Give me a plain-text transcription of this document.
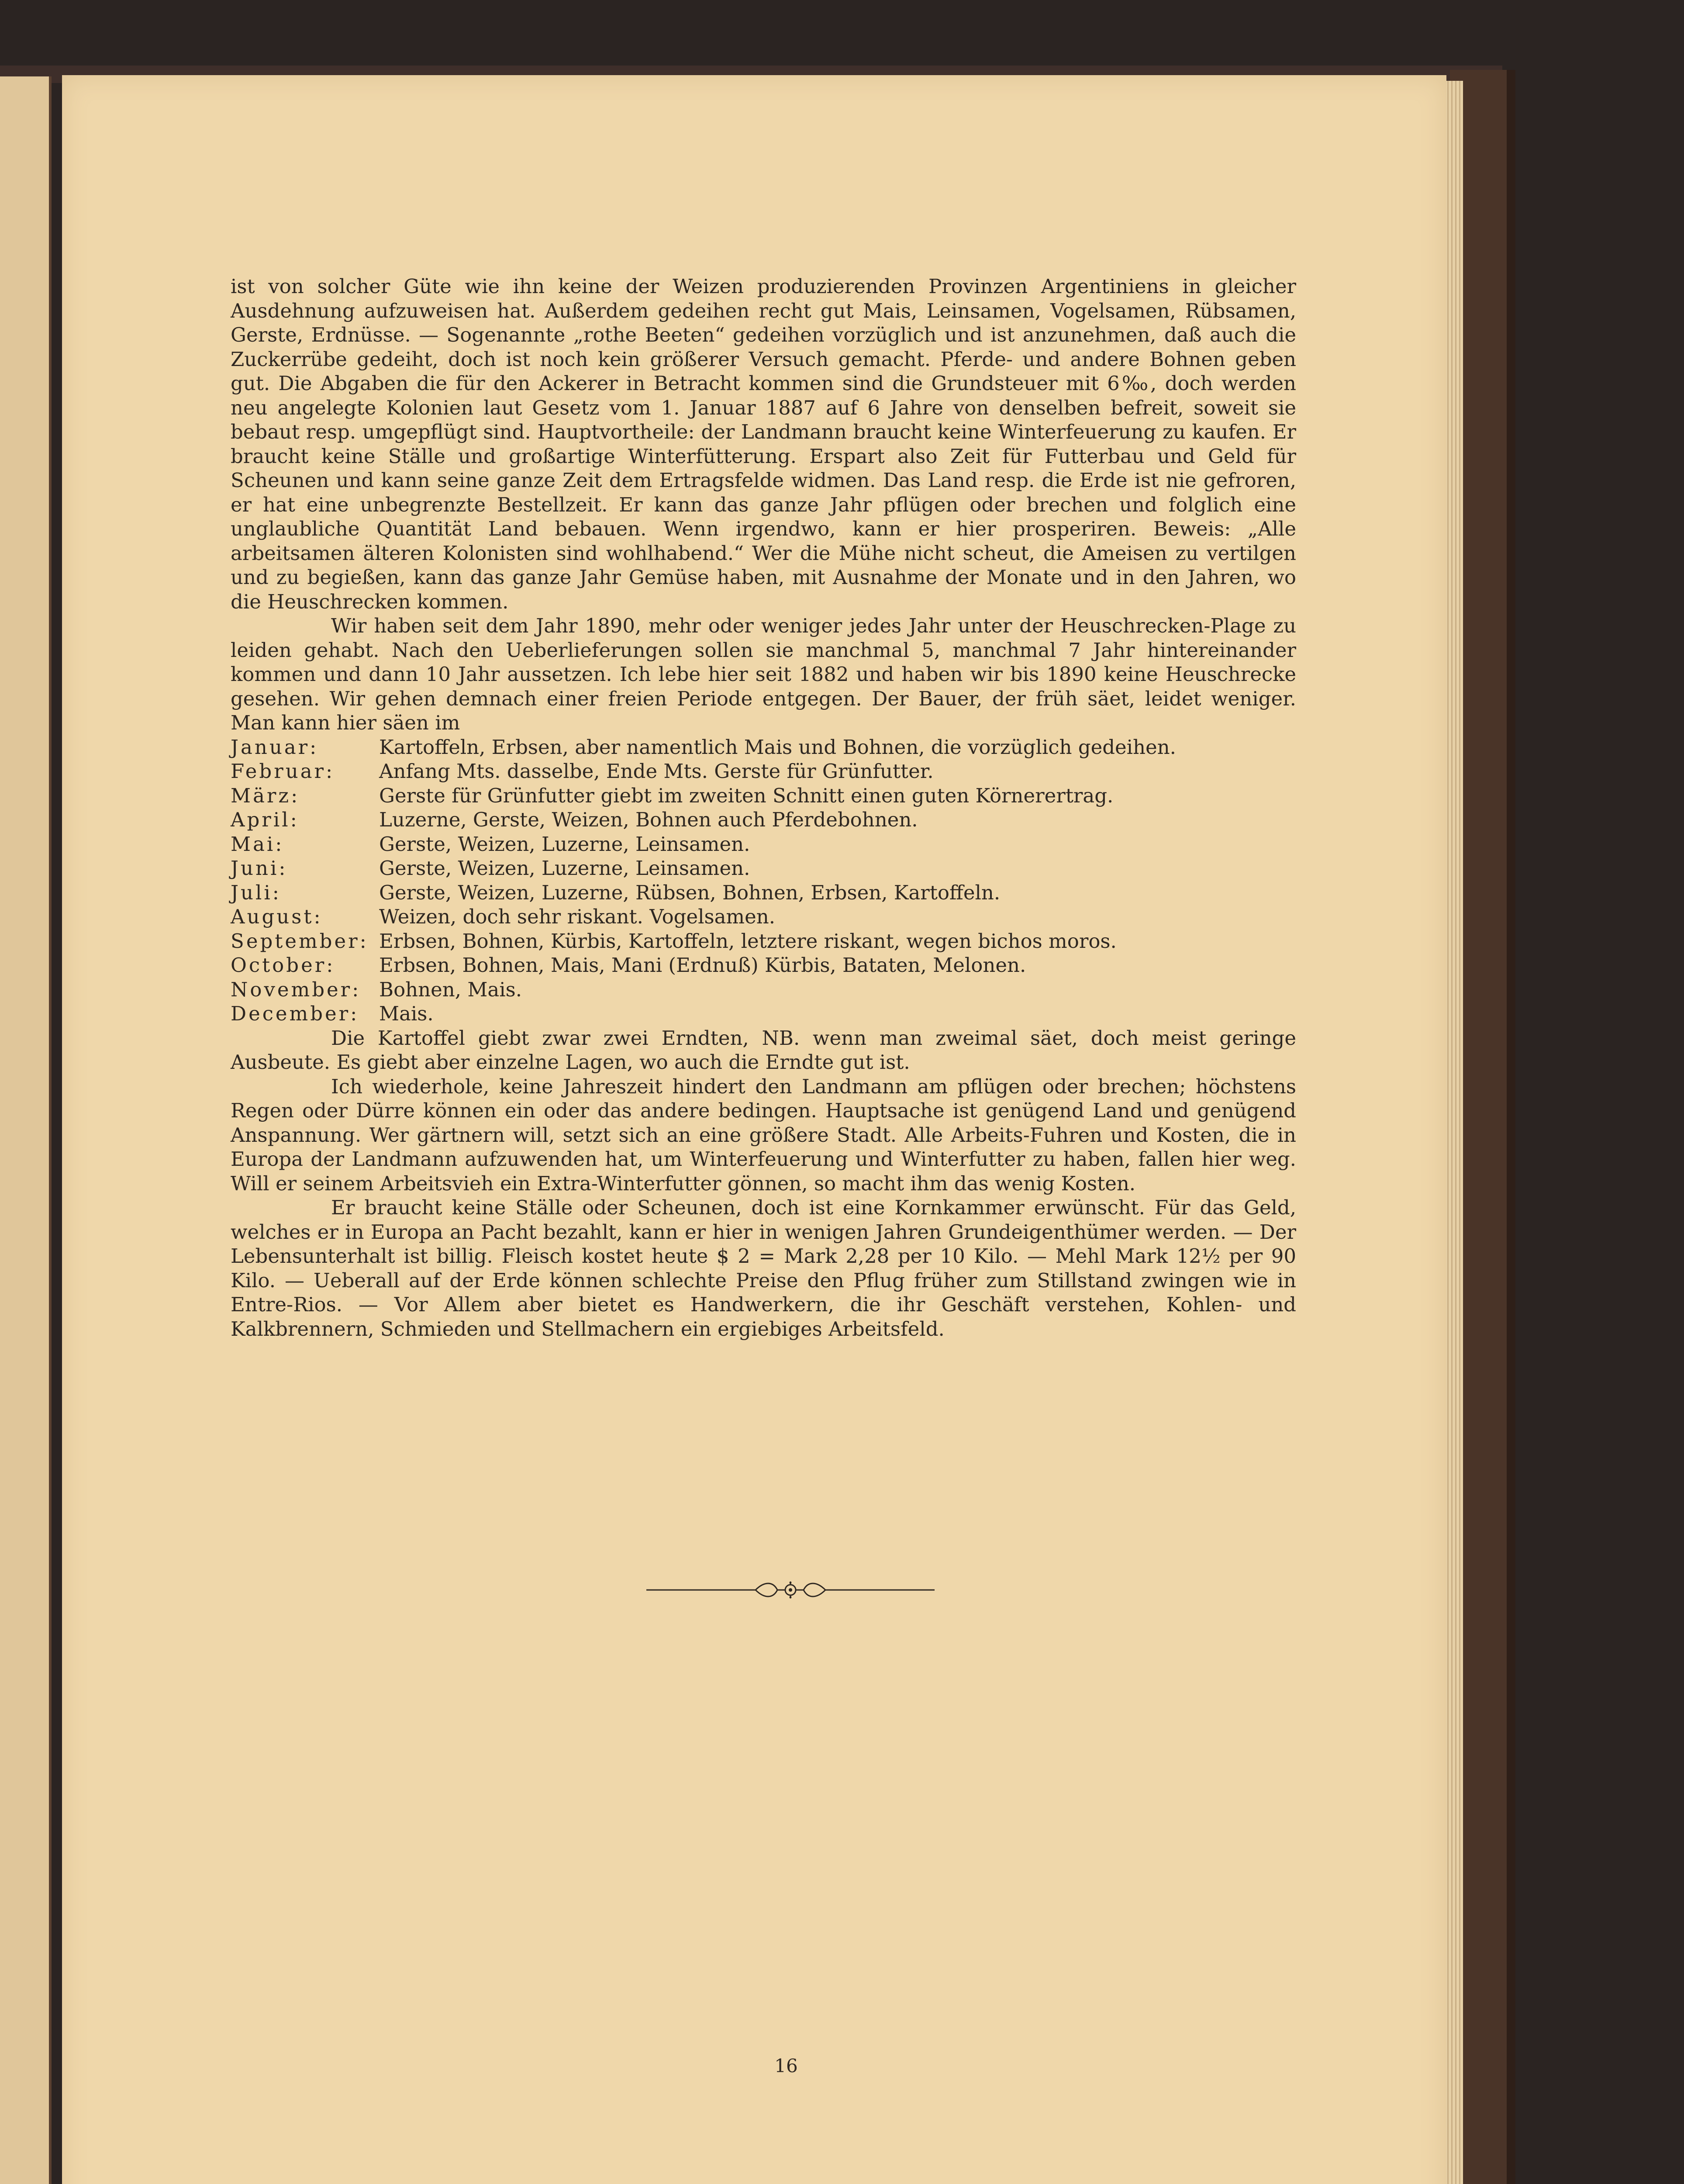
ist von solcher Güte wie ihn keine der Weizen produzierenden Provinzen Argentiniens in gleicher Ausdehnung aufzuweisen hat. Außerdem gedeihen recht gut Mais, Leinsamen, Vogelsamen, Rübsamen, Gerste, Erdnüsse. — Sogenannte „rothe Beeten“ gedeihen vorzüglich und ist anzunehmen, daß auch die Zuckerrübe gedeiht, doch ist noch kein größerer Versuch gemacht. Pferde- und andere Bohnen geben gut. Die Abgaben die für den Ackerer in Betracht kommen sind die Grundsteuer mit 6‰, doch werden neu angelegte Kolonien laut Gesetz vom 1. Januar 1887 auf 6 Jahre von denselben befreit, soweit sie bebaut resp. umgepflügt sind. Hauptvortheile: der Landmann braucht keine Winterfeuerung zu kaufen. Er braucht keine Ställe und großartige Winterfütterung. Erspart also Zeit für Futterbau und Geld für Scheunen und kann seine ganze Zeit dem Ertragsfelde widmen. Das Land resp. die Erde ist nie gefroren, er hat eine unbegrenzte Bestellzeit. Er kann das ganze Jahr pflügen oder brechen und folglich eine unglaubliche Quantität Land bebauen. Wenn irgendwo, kann er hier prosperiren. Beweis: „Alle arbeitsamen älteren Kolonisten sind wohlhabend.“ Wer die Mühe nicht scheut, die Ameisen zu vertilgen und zu begießen, kann das ganze Jahr Gemüse haben, mit Ausnahme der Monate und in den Jahren, wo die Heuschrecken kommen.

Wir haben seit dem Jahr 1890, mehr oder weniger jedes Jahr unter der Heuschrecken-Plage zu leiden gehabt. Nach den Ueberlieferungen sollen sie manchmal 5, manchmal 7 Jahr hintereinander kommen und dann 10 Jahr aussetzen. Ich lebe hier seit 1882 und haben wir bis 1890 keine Heuschrecke gesehen. Wir gehen demnach einer freien Periode entgegen. Der Bauer, der früh säet, leidet weniger. Man kann hier säen im

Januar:	Kartoffeln, Erbsen, aber namentlich Mais und Bohnen, die vorzüglich gedeihen.
Februar:	Anfang Mts. dasselbe, Ende Mts. Gerste für Grünfutter.
März:	Gerste für Grünfutter giebt im zweiten Schnitt einen guten Körnerertrag.
April:	Luzerne, Gerste, Weizen, Bohnen auch Pferdebohnen.
Mai:	Gerste, Weizen, Luzerne, Leinsamen.
Juni:	Gerste, Weizen, Luzerne, Leinsamen.
Juli:	Gerste, Weizen, Luzerne, Rübsen, Bohnen, Erbsen, Kartoffeln.
August:	Weizen, doch sehr riskant. Vogelsamen.
September: Erbsen, Bohnen, Kürbis, Kartoffeln, letztere riskant, wegen bichos moros.
October:	Erbsen, Bohnen, Mais, Mani (Erdnuß) Kürbis, Bataten, Melonen.
November: Bohnen, Mais.
December:	Mais.

Die Kartoffel giebt zwar zwei Erndten, NB. wenn man zweimal säet, doch meist geringe Ausbeute. Es giebt aber einzelne Lagen, wo auch die Erndte gut ist.

Ich wiederhole, keine Jahreszeit hindert den Landmann am pflügen oder brechen; höchstens Regen oder Dürre können ein oder das andere bedingen. Hauptsache ist genügend Land und genügend Anspannung. Wer gärtnern will, setzt sich an eine größere Stadt. Alle Arbeits-Fuhren und Kosten, die in Europa der Landmann aufzuwenden hat, um Winterfeuerung und Winterfutter zu haben, fallen hier weg. Will er seinem Arbeitsvieh ein Extra-Winterfutter gönnen, so macht ihm das wenig Kosten.

Er braucht keine Ställe oder Scheunen, doch ist eine Kornkammer erwünscht. Für das Geld, welches er in Europa an Pacht bezahlt, kann er hier in wenigen Jahren Grundeigenthümer werden. — Der Lebensunterhalt ist billig. Fleisch kostet heute $ 2 = Mark 2,28 per 10 Kilo. — Mehl Mark 12½ per 90 Kilo. — Ueberall auf der Erde können schlechte Preise den Pflug früher zum Stillstand zwingen wie in Entre-Rios. — Vor Allem aber bietet es Handwerkern, die ihr Geschäft verstehen, Kohlen- und Kalkbrennern, Schmieden und Stellmachern ein ergiebiges Arbeitsfeld.

16
